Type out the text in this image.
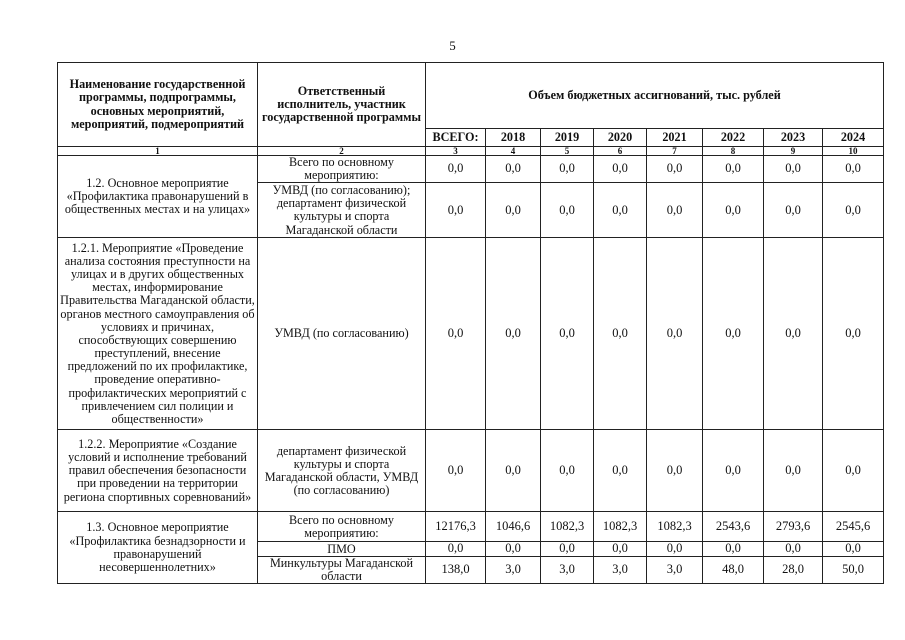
5
Наименование государственной программы, подпрограммы, основных мероприятий, мероприятий, подмероприятий	Ответственный исполнитель, участник государственной программы	Объем бюджетных ассигнований, тыс. рублей							
		ВСЕГО:	2018	2019	2020	2021	2022	2023	2024
1	2	3	4	5	6	7	8	9	10
1.2. Основное мероприятие «Профилактика правонарушений в общественных местах и на улицах»	Всего по основному мероприятию:	0,0	0,0	0,0	0,0	0,0	0,0	0,0	0,0
	УМВД (по согласованию); департамент физической культуры и спорта Магаданской области	0,0	0,0	0,0	0,0	0,0	0,0	0,0	0,0
1.2.1. Мероприятие «Проведение анализа состояния преступности на улицах и в других общественных местах, информирование Правительства Магаданской области, органов местного самоуправления об условиях и причинах, способствующих совершению преступлений, внесение предложений по их профилактике, проведение оперативно-профилактических мероприятий с привлечением сил полиции и общественности»	УМВД (по согласованию)	0,0	0,0	0,0	0,0	0,0	0,0	0,0	0,0
1.2.2. Мероприятие «Создание условий и исполнение требований правил обеспечения безопасности при проведении на территории региона спортивных соревнований»	департамент физической культуры и спорта Магаданской области, УМВД (по согласованию)	0,0	0,0	0,0	0,0	0,0	0,0	0,0	0,0
1.3. Основное мероприятие «Профилактика безнадзорности и правонарушений несовершеннолетних»	Всего по основному мероприятию:	12176,3	1046,6	1082,3	1082,3	1082,3	2543,6	2793,6	2545,6
	ПМО	0,0	0,0	0,0	0,0	0,0	0,0	0,0	0,0
	Минкультуры Магаданской области	138,0	3,0	3,0	3,0	3,0	48,0	28,0	50,0
